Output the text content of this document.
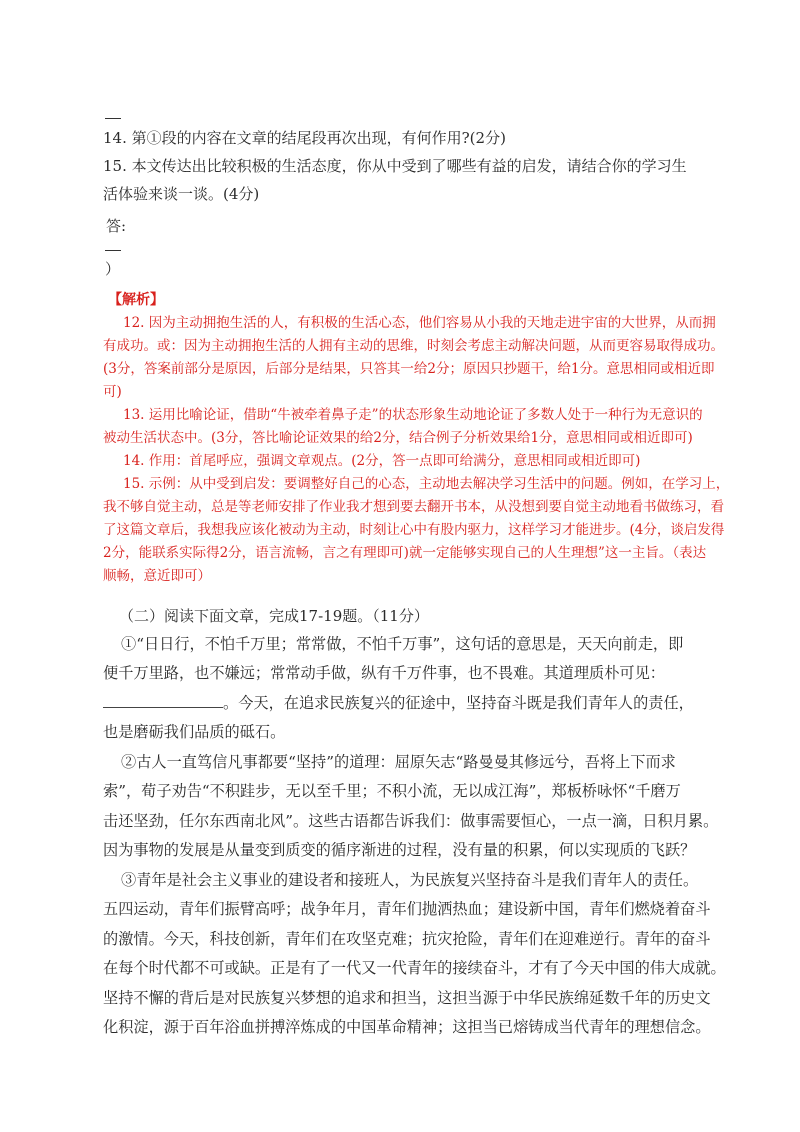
14. 第①段的内容在文章的结尾段再次出现，有何作用?(2分)

15. 本文传达出比较积极的生活态度，你从中受到了哪些有益的启发，请结合你的学习生
活体验来谈一谈。(4分)

答:

）

【解析】

12. 因为主动拥抱生活的人，有积极的生活心态，他们容易从小我的天地走进宇宙的大世界，从而拥
有成功。或：因为主动拥抱生活的人拥有主动的思维，时刻会考虑主动解决问题，从而更容易取得成功。
(3分，答案前部分是原因，后部分是结果，只答其一给2分；原因只抄题干，给1分。意思相同或相近即
可)
13. 运用比喻论证，借助“牛被牵着鼻子走”的状态形象生动地论证了多数人处于一种行为无意识的
被动生活状态中。(3分，答比喻论证效果的给2分，结合例子分析效果给1分，意思相同或相近即可)
14. 作用：首尾呼应，强调文章观点。(2分，答一点即可给满分，意思相同或相近即可)
15. 示例：从中受到启发：要调整好自己的心态，主动地去解决学习生活中的问题。例如，在学习上，
我不够自觉主动，总是等老师安排了作业我才想到要去翻开书本，从没想到要自觉主动地看书做练习，看
了这篇文章后，我想我应该化被动为主动，时刻让心中有股内驱力，这样学习才能进步。(4分，谈启发得
2分，能联系实际得2分，语言流畅，言之有理即可)就一定能够实现自己的人生理想”这一主旨。（表达
顺畅，意近即可）

（二）阅读下面文章，完成17-19题。（11分）

①“日日行，不怕千万里；常常做，不怕千万事”，这句话的意思是，天天向前走，即
便千万里路，也不嫌远；常常动手做，纵有千万件事，也不畏难。其道理质朴可见：
。今天，在追求民族复兴的征途中，坚持奋斗既是我们青年人的责任，
也是磨砺我们品质的砥石。
②古人一直笃信凡事都要“坚持”的道理：屈原矢志“路曼曼其修远兮，吾将上下而求
索”，荀子劝告“不积跬步，无以至千里；不积小流，无以成江海”，郑板桥咏怀“千磨万
击还坚劲，任尔东西南北风”。这些古语都告诉我们：做事需要恒心，一点一滴，日积月累。
因为事物的发展是从量变到质变的循序渐进的过程，没有量的积累，何以实现质的飞跃？
③青年是社会主义事业的建设者和接班人，为民族复兴坚持奋斗是我们青年人的责任。
五四运动，青年们振臂高呼；战争年月，青年们抛洒热血；建设新中国，青年们燃烧着奋斗
的激情。今天，科技创新，青年们在攻坚克难；抗灾抢险，青年们在迎难逆行。青年的奋斗
在每个时代都不可或缺。正是有了一代又一代青年的接续奋斗，才有了今天中国的伟大成就。
坚持不懈的背后是对民族复兴梦想的追求和担当，这担当源于中华民族绵延数千年的历史文
化积淀，源于百年浴血拼搏淬炼成的中国革命精神；这担当已熔铸成当代青年的理想信念。
